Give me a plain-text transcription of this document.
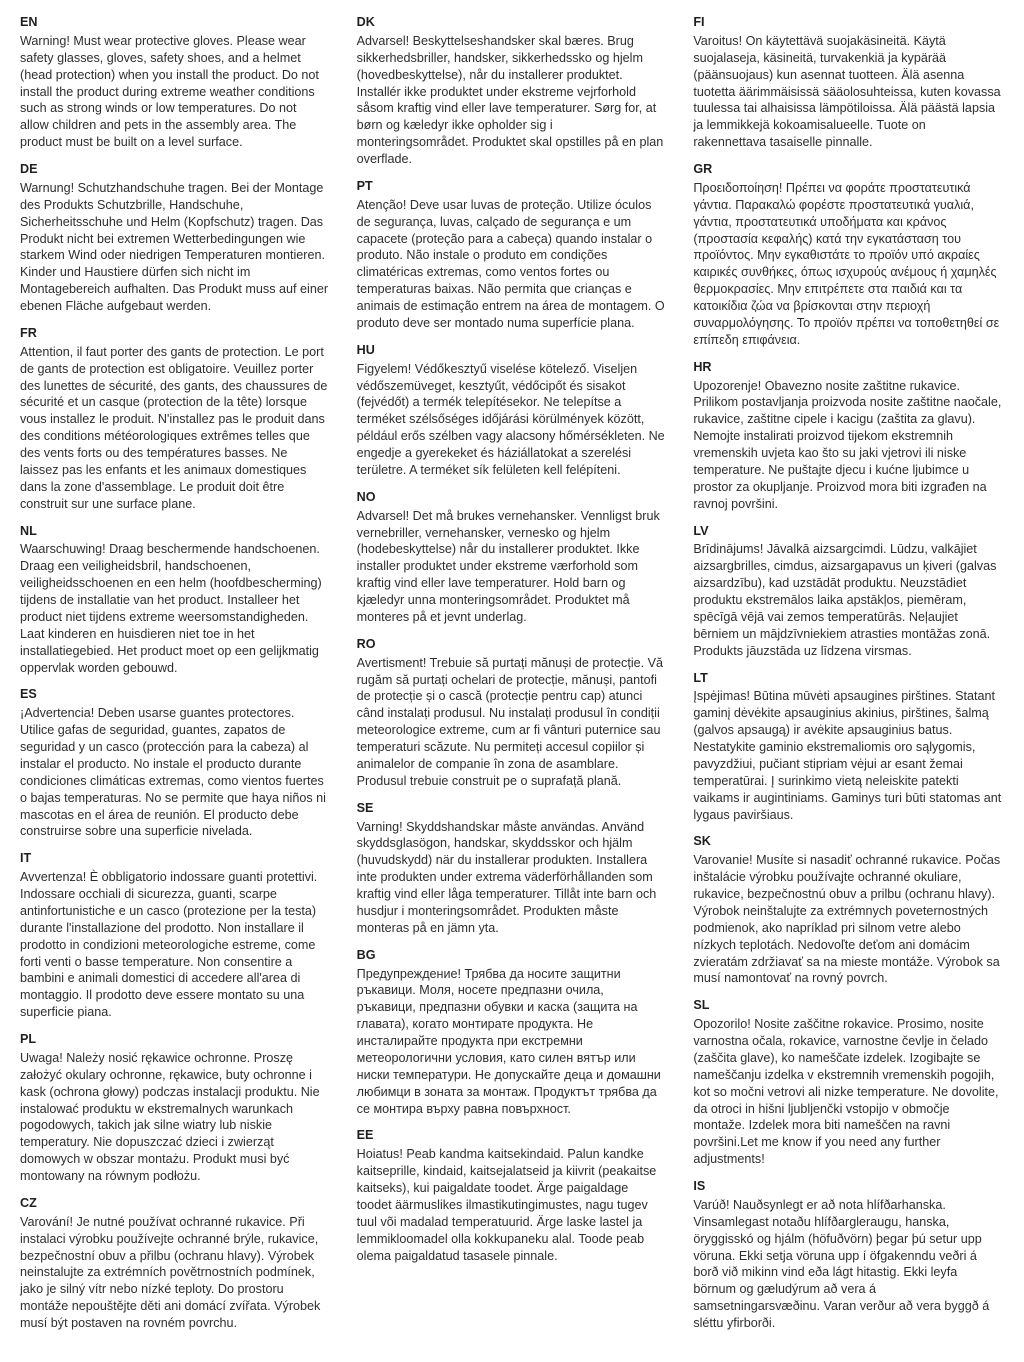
EN

Warning! Must wear protective gloves. Please wear safety glasses, gloves, safety shoes, and a helmet (head protection) when you install the product. Do not install the product during extreme weather conditions such as strong winds or low temperatures. Do not allow children and pets in the assembly area. The product must be built on a level surface.

DE

Warnung! Schutzhandschuhe tragen. Bei der Montage des Produkts Schutzbrille, Handschuhe, Sicherheitsschuhe und Helm (Kopfschutz) tragen. Das Produkt nicht bei extremen Wetterbedingungen wie starkem Wind oder niedrigen Temperaturen montieren. Kinder und Haustiere dürfen sich nicht im Montagebereich aufhalten. Das Produkt muss auf einer ebenen Fläche aufgebaut werden.

FR

Attention, il faut porter des gants de protection. Le port de gants de protection est obligatoire. Veuillez porter des lunettes de sécurité, des gants, des chaussures de sécurité et un casque (protection de la tête) lorsque vous installez le produit. N'installez pas le produit dans des conditions météorologiques extrêmes telles que des vents forts ou des températures basses. Ne laissez pas les enfants et les animaux domestiques dans la zone d'assemblage. Le produit doit être construit sur une surface plane.

NL

Waarschuwing! Draag beschermende handschoenen. Draag een veiligheidsbril, handschoenen, veiligheidsschoenen en een helm (hoofdbescherming) tijdens de installatie van het product. Installeer het product niet tijdens extreme weersomstandigheden. Laat kinderen en huisdieren niet toe in het installatiegebied. Het product moet op een gelijkmatig oppervlak worden gebouwd.

ES

¡Advertencia! Deben usarse guantes protectores. Utilice gafas de seguridad, guantes, zapatos de seguridad y un casco (protección para la cabeza) al instalar el producto. No instale el producto durante condiciones climáticas extremas, como vientos fuertes o bajas temperaturas. No se permite que haya niños ni mascotas en el área de reunión. El producto debe construirse sobre una superficie nivelada.

IT

Avvertenza! È obbligatorio indossare guanti protettivi. Indossare occhiali di sicurezza, guanti, scarpe antinfortunistiche e un casco (protezione per la testa) durante l'installazione del prodotto. Non installare il prodotto in condizioni meteorologiche estreme, come forti venti o basse temperature. Non consentire a bambini e animali domestici di accedere all'area di montaggio. Il prodotto deve essere montato su una superficie piana.

PL

Uwaga! Należy nosić rękawice ochronne. Proszę założyć okulary ochronne, rękawice, buty ochronne i kask (ochrona głowy) podczas instalacji produktu. Nie instalować produktu w ekstremalnych warunkach pogodowych, takich jak silne wiatry lub niskie temperatury. Nie dopuszczać dzieci i zwierząt domowych w obszar montażu. Produkt musi być montowany na równym podłożu.

CZ

Varování! Je nutné používat ochranné rukavice. Při instalaci výrobku používejte ochranné brýle, rukavice, bezpečnostní obuv a přilbu (ochranu hlavy). Výrobek neinstalujte za extrémních povětrnostních podmínek, jako je silný vítr nebo nízké teploty. Do prostoru montáže nepouštějte děti ani domácí zvířata. Výrobek musí být postaven na rovném povrchu.

DK

Advarsel! Beskyttelseshandsker skal bæres. Brug sikkerhedsbriller, handsker, sikkerhedssko og hjelm (hovedbeskyttelse), når du installerer produktet. Installér ikke produktet under ekstreme vejrforhold såsom kraftig vind eller lave temperaturer. Sørg for, at børn og kæledyr ikke opholder sig i monteringsområdet. Produktet skal opstilles på en plan overflade.

PT

Atenção! Deve usar luvas de proteção. Utilize óculos de segurança, luvas, calçado de segurança e um capacete (proteção para a cabeça) quando instalar o produto. Não instale o produto em condições climatéricas extremas, como ventos fortes ou temperaturas baixas. Não permita que crianças e animais de estimação entrem na área de montagem. O produto deve ser montado numa superfície plana.

HU

Figyelem! Védőkesztyű viselése kötelező. Viseljen védőszemüveget, kesztyűt, védőcipőt és sisakot (fejvédőt) a termék telepítésekor. Ne telepítse a terméket szélsőséges időjárási körülmények között, például erős szélben vagy alacsony hőmérsékleten. Ne engedje a gyerekeket és háziállatokat a szerelési területre. A terméket sík felületen kell felépíteni.

NO

Advarsel! Det må brukes vernehansker. Vennligst bruk vernebriller, vernehansker, vernesko og hjelm (hodebeskyttelse) når du installerer produktet. Ikke installer produktet under ekstreme værforhold som kraftig vind eller lave temperaturer. Hold barn og kjæledyr unna monteringsområdet. Produktet må monteres på et jevnt underlag.

RO

Avertisment! Trebuie să purtați mănuși de protecție. Vă rugăm să purtați ochelari de protecție, mănuși, pantofi de protecție și o cască (protecție pentru cap) atunci când instalați produsul. Nu instalați produsul în condiții meteorologice extreme, cum ar fi vânturi puternice sau temperaturi scăzute. Nu permiteți accesul copiilor și animalelor de companie în zona de asamblare. Produsul trebuie construit pe o suprafață plană.

SE

Varning! Skyddshandskar måste användas. Använd skyddsglasögon, handskar, skyddsskor och hjälm (huvudskydd) när du installerar produkten. Installera inte produkten under extrema väderförhållanden som kraftig vind eller låga temperaturer. Tillåt inte barn och husdjur i monteringsområdet. Produkten måste monteras på en jämn yta.

BG

Предупреждение! Трябва да носите защитни ръкавици. Моля, носете предпазни очила, ръкавици, предпазни обувки и каска (защита на главата), когато монтирате продукта. Не инсталирайте продукта при екстремни метеорологични условия, като силен вятър или ниски температури. Не допускайте деца и домашни любимци в зоната за монтаж. Продуктът трябва да се монтира върху равна повърхност.

EE

Hoiatus! Peab kandma kaitsekindaid. Palun kandke kaitseprille, kindaid, kaitsejalatseid ja kiivrit (peakaitse kaitseks), kui paigaldate toodet. Ärge paigaldage toodet äärmuslikes ilmastikutingimustes, nagu tugev tuul või madalad temperatuurid. Ärge laske lastel ja lemmikloomadel olla kokkupaneku alal. Toode peab olema paigaldatud tasasele pinnale.

FI

Varoitus! On käytettävä suojakäsineitä. Käytä suojalaseja, käsineitä, turvakenkiä ja kypärää (päänsuojaus) kun asennat tuotteen. Älä asenna tuotetta äärimmäisissä sääolosuhteissa, kuten kovassa tuulessa tai alhaisissa lämpötiloissa. Älä päästä lapsia ja lemmikkejä kokoamisalueelle. Tuote on rakennettava tasaiselle pinnalle.

GR

Προειδοποίηση! Πρέπει να φοράτε προστατευτικά γάντια. Παρακαλώ φορέστε προστατευτικά γυαλιά, γάντια, προστατευτικά υποδήματα και κράνος (προστασία κεφαλής) κατά την εγκατάσταση του προϊόντος. Μην εγκαθιστάτε το προϊόν υπό ακραίες καιρικές συνθήκες, όπως ισχυρούς ανέμους ή χαμηλές θερμοκρασίες. Μην επιτρέπετε στα παιδιά και τα κατοικίδια ζώα να βρίσκονται στην περιοχή συναρμολόγησης. Το προϊόν πρέπει να τοποθετηθεί σε επίπεδη επιφάνεια.

HR

Upozorenje! Obavezno nosite zaštitne rukavice. Prilikom postavljanja proizvoda nosite zaštitne naočale, rukavice, zaštitne cipele i kacigu (zaštita za glavu). Nemojte instalirati proizvod tijekom ekstremnih vremenskih uvjeta kao što su jaki vjetrovi ili niske temperature. Ne puštajte djecu i kućne ljubimce u prostor za okupljanje. Proizvod mora biti izgrađen na ravnoj površini.

LV

Brīdinājums! Jāvalkā aizsargcimdi. Lūdzu, valkājiet aizsargbrilles, cimdus, aizsargapavus un ķiveri (galvas aizsardzību), kad uzstādāt produktu. Neuzstādiet produktu ekstremālos laika apstākļos, piemēram, spēcīgā vējā vai zemos temperatūrās. Neļaujiet bērniem un mājdzīvniekiem atrasties montāžas zonā. Produkts jāuzstāda uz līdzena virsmas.

LT

Įspėjimas! Būtina mūvėti apsaugines pirštines. Statant gaminį dėvėkite apsauginius akinius, pirštines, šalmą (galvos apsaugą) ir avėkite apsauginius batus. Nestatykite gaminio ekstremaliomis oro sąlygomis, pavyzdžiui, pučiant stipriam vėjui ar esant žemai temperatūrai. Į surinkimo vietą neleiskite patekti vaikams ir augintiniams. Gaminys turi būti statomas ant lygaus paviršiaus.

SK

Varovanie! Musíte si nasadiť ochranné rukavice. Počas inštalácie výrobku používajte ochranné okuliare, rukavice, bezpečnostnú obuv a prilbu (ochranu hlavy). Výrobok neinštalujte za extrémnych poveternostných podmienok, ako napríklad pri silnom vetre alebo nízkych teplotách. Nedovoľte deťom ani domácim zvieratám zdržiavať sa na mieste montáže. Výrobok sa musí namontovať na rovný povrch.

SL

Opozorilo! Nosite zaščitne rokavice. Prosimo, nosite varnostna očala, rokavice, varnostne čevlje in čelado (zaščita glave), ko nameščate izdelek. Izogibajte se nameščanju izdelka v ekstremnih vremenskih pogojih, kot so močni vetrovi ali nizke temperature. Ne dovolite, da otroci in hišni ljubljenčki vstopijo v območje montaže. Izdelek mora biti nameščen na ravni površini.Let me know if you need any further adjustments!

IS

Varúð! Nauðsynlegt er að nota hlífðarhanska. Vinsamlegast notaðu hlífðargleraugu, hanska, öryggisskó og hjálm (höfuðvörn) þegar þú setur upp vöruna. Ekki setja vöruna upp í öfgakenndu veðri á borð við mikinn vind eða lágt hitastig. Ekki leyfa börnum og gæludýrum að vera á samsetningarsvæðinu. Varan verður að vera byggð á sléttu yfirborði.
